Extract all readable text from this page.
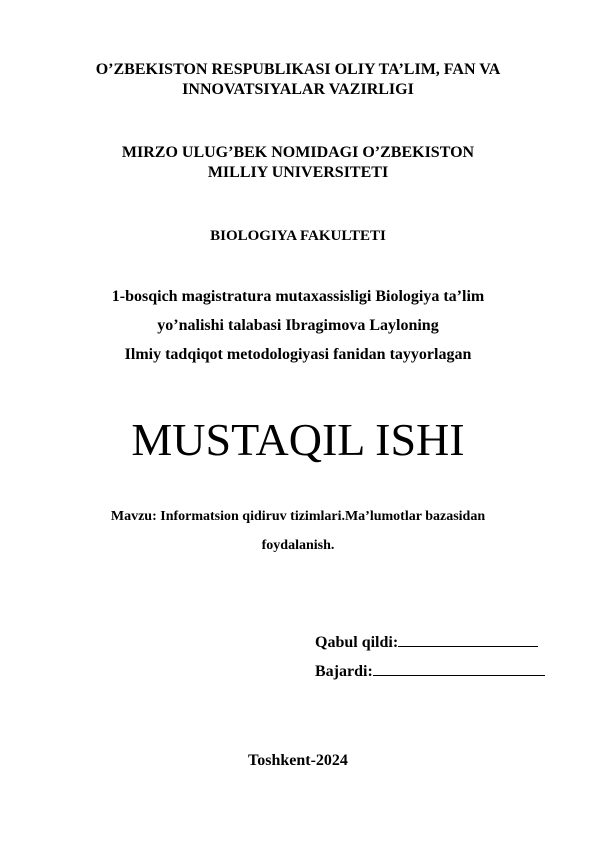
O’ZBEKISTON RESPUBLIKASI OLIY TA’LIM, FAN VA
INNOVATSIYALAR VAZIRLIGI
MIRZO ULUG’BEK NOMIDAGI O’ZBEKISTON
MILLIY UNIVERSITETI
BIOLOGIYA FAKULTETI
1-bosqich magistratura mutaxassisligi Biologiya ta’lim
yo’nalishi talabasi Ibragimova Layloning
Ilmiy tadqiqot metodologiyasi fanidan tayyorlagan
MUSTAQIL ISHI
Mavzu: Informatsion qidiruv tizimlari.Ma’lumotlar bazasidan
foydalanish.
Qabul qildi:
Bajardi:
Toshkent-2024
